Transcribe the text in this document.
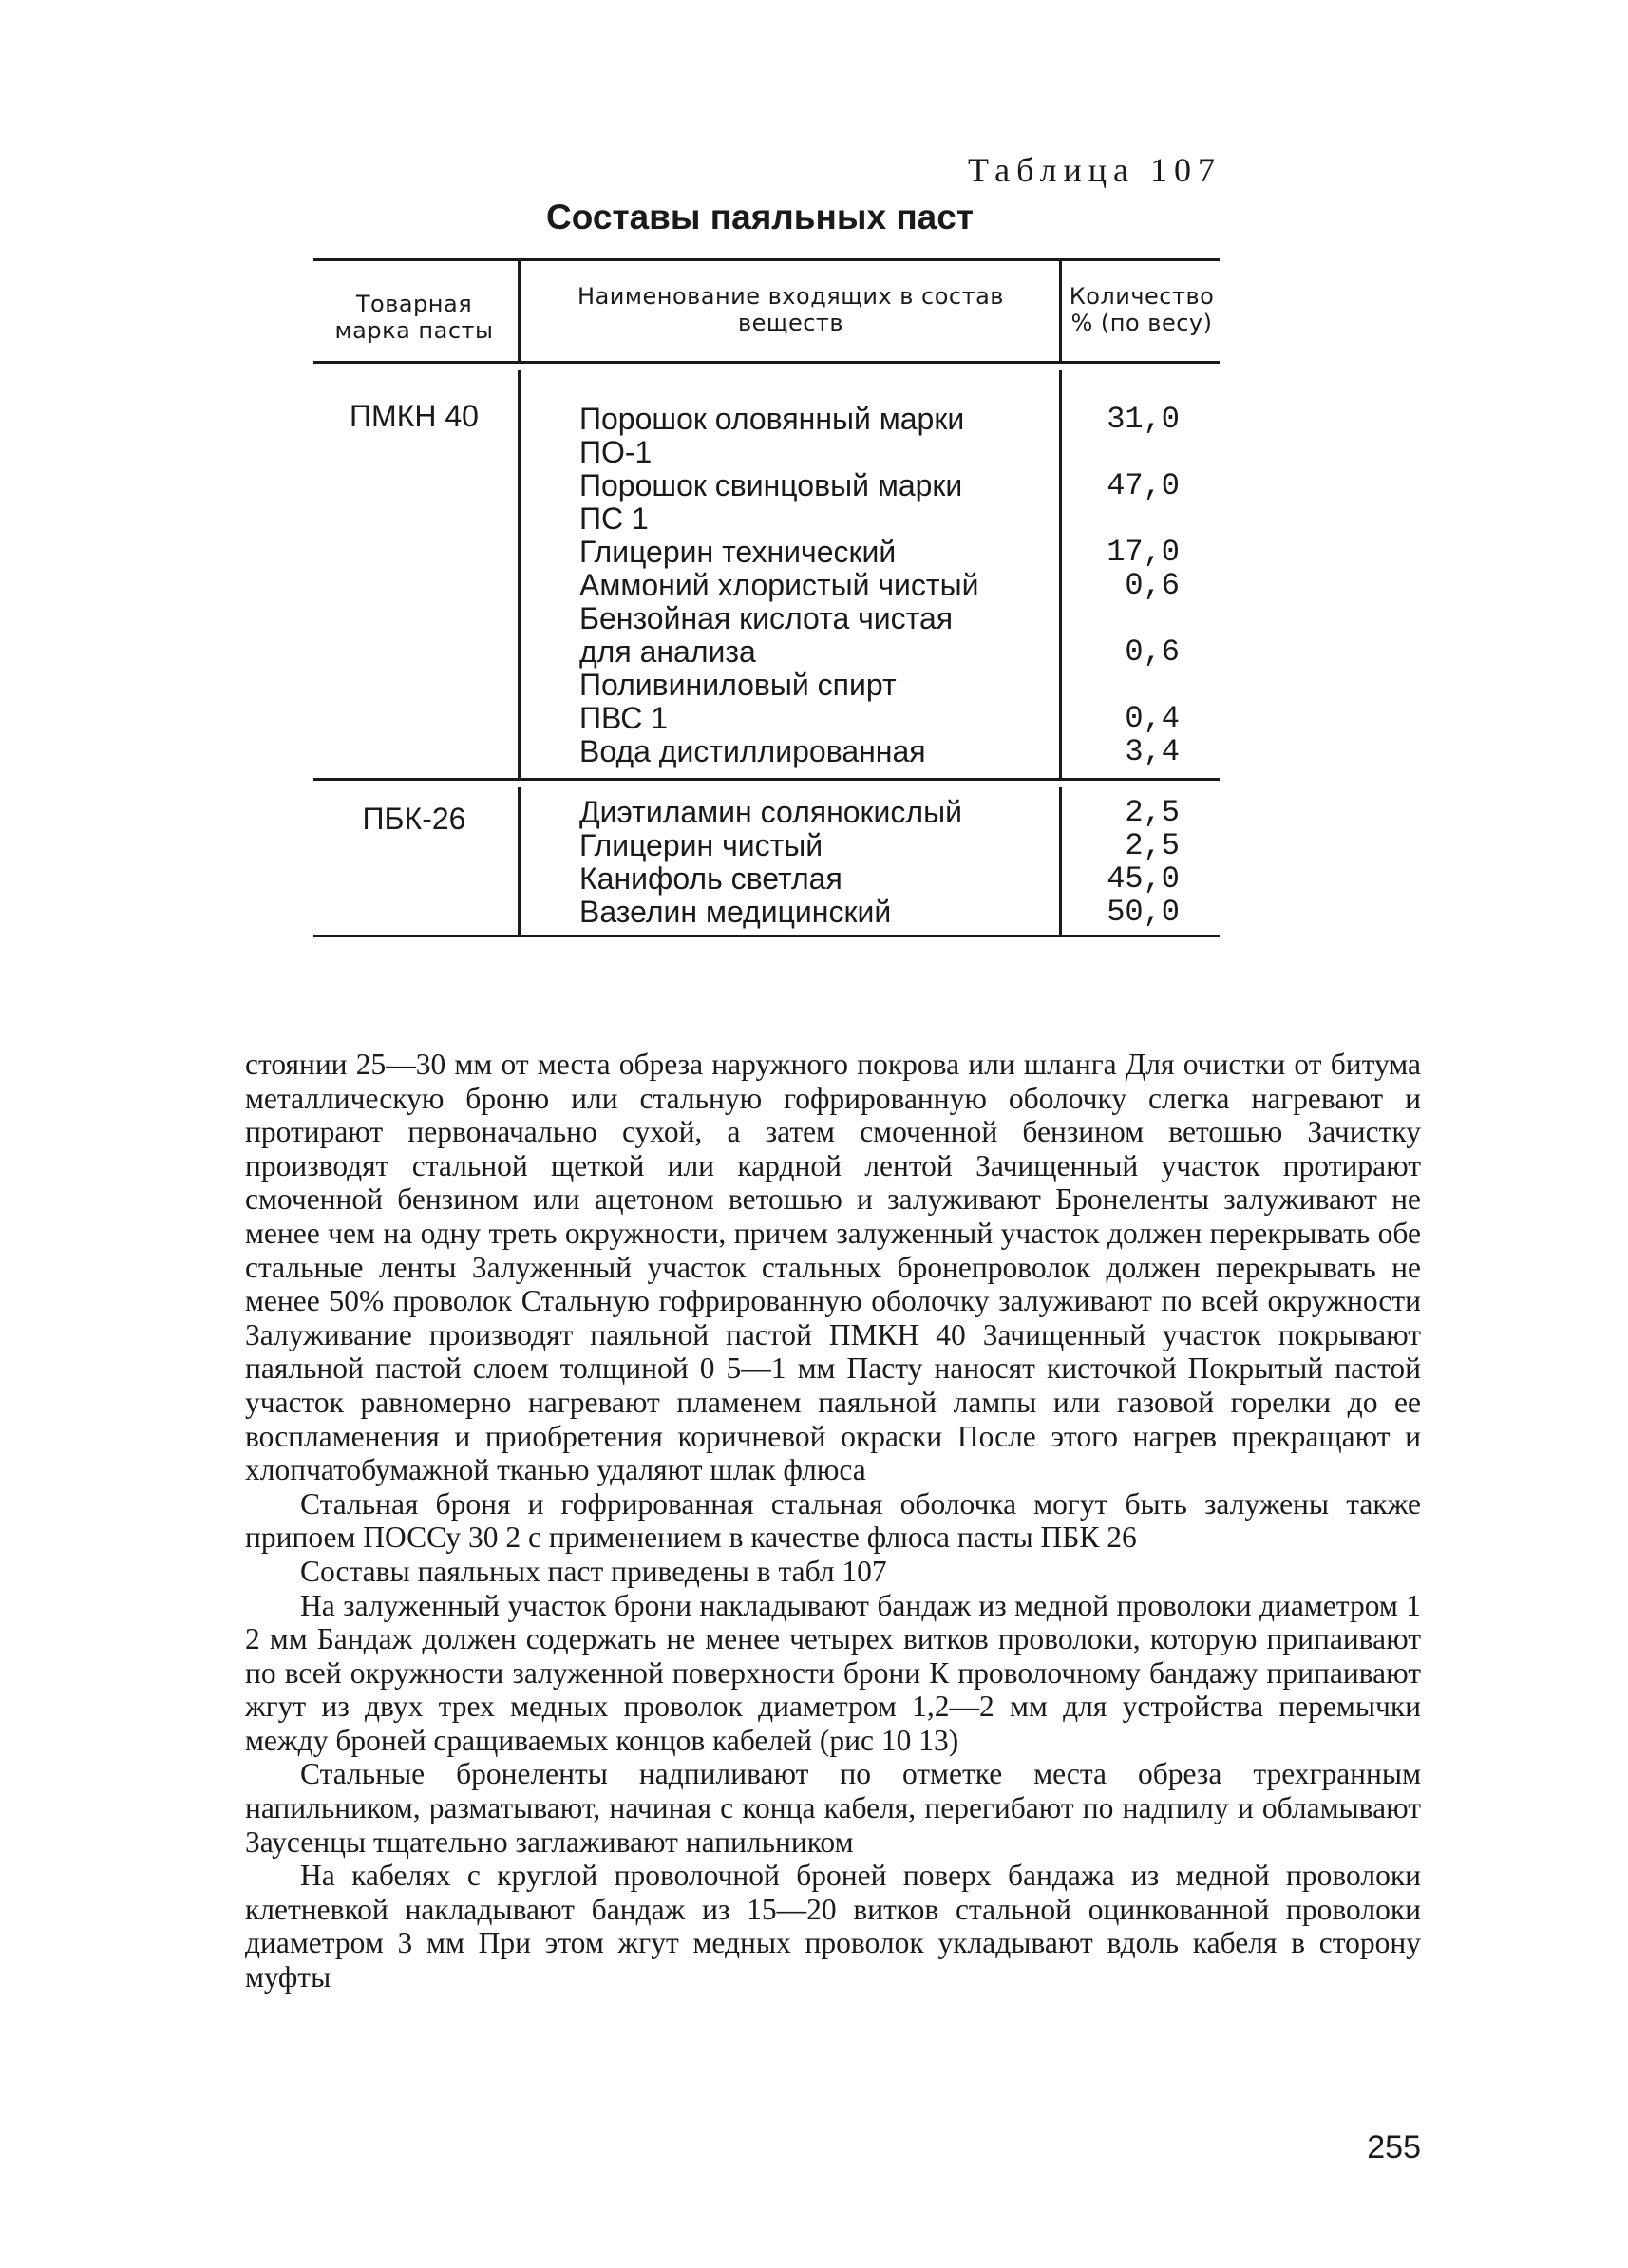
Таблица 107
Составы паяльных паст
Товарная
марка пасты
Наименование входящих в состав
веществ
Количество
% (по весу)
ПМКН 40	Порошок оловянный марки
ПО-1
Порошок свинцовый марки
ПС 1
Глицерин технический
Аммоний хлористый чистый
Бензойная кислота чистая
для анализа
Поливиниловый спирт
ПВС 1
Вода дистиллированная
31,0
47,0
17,0
0,6
0,6
0,4
3,4
ПБК-26	Диэтиламин солянокислый
Глицерин чистый
Канифоль светлая
Вазелин медицинский
2,5
2,5
45,0
50,0

стоянии 25—30 мм от места обреза наружного покрова или шланга Для очистки от битума металлическую броню или стальную гофрированную оболочку слегка нагревают и протирают первоначально сухой, а затем смоченной бензином ветошью Зачистку производят стальной щеткой или кардной лентой Зачищенный участок протирают смоченной бензином или ацетоном ветошью и залуживают Бронеленты залуживают не менее чем на одну треть окружности, причем залуженный участок должен перекрывать обе стальные ленты Залуженный участок стальных бронепроволок должен перекрывать не менее 50% проволок Стальную гофрированную оболочку залуживают по всей окружности Залуживание производят паяльной пастой ПМКН 40 Зачищенный участок покрывают паяльной пастой слоем толщиной 0 5—1 мм Пасту наносят кисточкой Покрытый пастой участок равномерно нагревают пламенем паяльной лампы или газовой горелки до ее воспламенения и приобретения коричневой окраски После этого нагрев прекращают и хлопчатобумажной тканью удаляют шлак флюса

Стальная броня и гофрированная стальная оболочка могут быть залужены также припоем ПОССу 30 2 с применением в качестве флюса пасты ПБК 26

Составы паяльных паст приведены в табл 107

На залуженный участок брони накладывают бандаж из медной проволоки диаметром 1 2 мм Бандаж должен содержать не менее четырех витков проволоки, которую припаивают по всей окружности залуженной поверхности брони К проволочному бандажу припаивают жгут из двух трех медных проволок диаметром 1,2—2 мм для устройства перемычки между броней сращиваемых концов кабелей (рис 10 13)

Стальные бронеленты надпиливают по отметке места обреза трехгранным напильником, разматывают, начиная с конца кабеля, перегибают по надпилу и обламывают Заусенцы тщательно заглаживают напильником

На кабелях с круглой проволочной броней поверх бандажа из медной проволоки клетневкой накладывают бандаж из 15—20 витков стальной оцинкованной проволоки диаметром 3 мм При этом жгут медных проволок укладывают вдоль кабеля в сторону муфты

255
